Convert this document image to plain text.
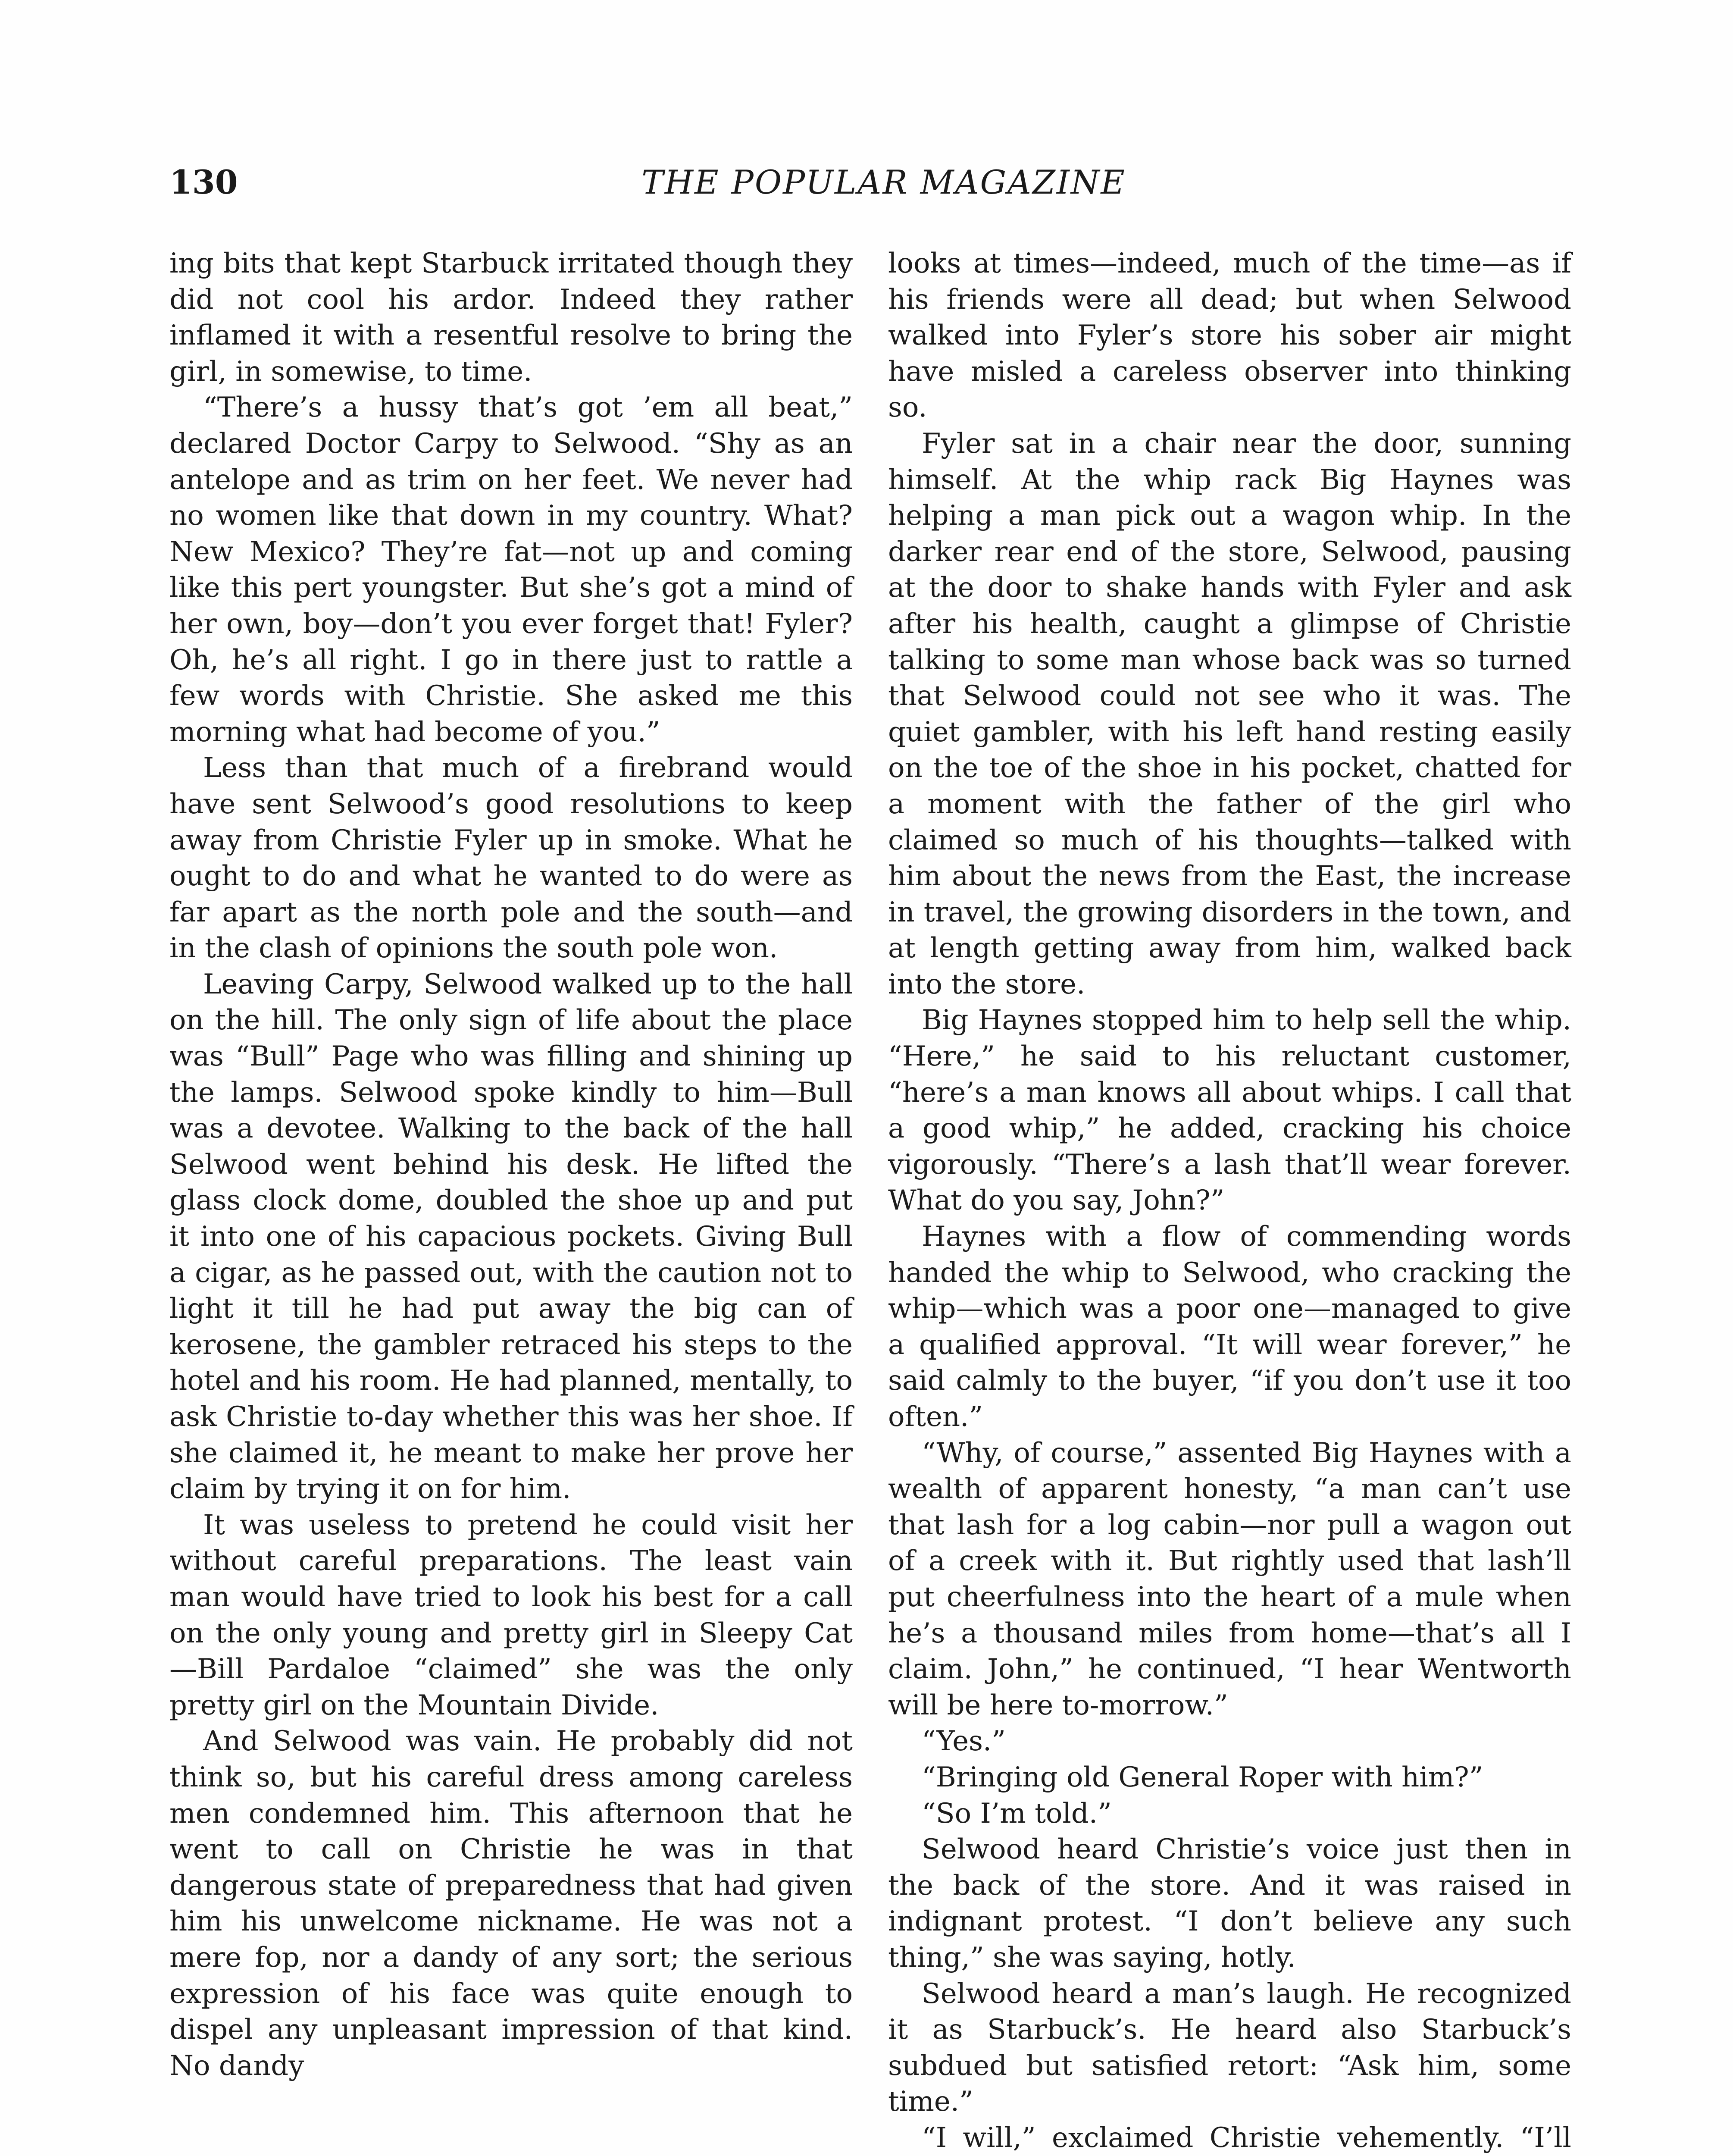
130	THE POPULAR MAGAZINE

ing bits that kept Starbuck irritated though they did not cool his ardor. Indeed they rather inflamed it with a resentful resolve to bring the girl, in somewise, to time.

“There’s a hussy that’s got ’em all beat,” declared Doctor Carpy to Selwood. “Shy as an antelope and as trim on her feet. We never had no women like that down in my country. What? New Mexico? They’re fat—not up and coming like this pert youngster. But she’s got a mind of her own, boy—don’t you ever forget that! Fyler? Oh, he’s all right. I go in there just to rattle a few words with Christie. She asked me this morning what had become of you.”

Less than that much of a firebrand would have sent Selwood’s good resolutions to keep away from Christie Fyler up in smoke. What he ought to do and what he wanted to do were as far apart as the north pole and the south—and in the clash of opinions the south pole won.

Leaving Carpy, Selwood walked up to the hall on the hill. The only sign of life about the place was “Bull” Page who was filling and shining up the lamps. Selwood spoke kindly to him—Bull was a devotee. Walking to the back of the hall Selwood went behind his desk. He lifted the glass clock dome, doubled the shoe up and put it into one of his capacious pockets. Giving Bull a cigar, as he passed out, with the caution not to light it till he had put away the big can of kerosene, the gambler retraced his steps to the hotel and his room. He had planned, mentally, to ask Christie to-day whether this was her shoe. If she claimed it, he meant to make her prove her claim by trying it on for him.

It was useless to pretend he could visit her without careful preparations. The least vain man would have tried to look his best for a call on the only young and pretty girl in Sleepy Cat—Bill Pardaloe “claimed” she was the only pretty girl on the Mountain Divide.

And Selwood was vain. He probably did not think so, but his careful dress among careless men condemned him. This afternoon that he went to call on Christie he was in that dangerous state of preparedness that had given him his unwelcome nickname. He was not a mere fop, nor a dandy of any sort; the serious expression of his face was quite enough to dispel any unpleasant impression of that kind. No dandy

looks at times—indeed, much of the time—as if his friends were all dead; but when Selwood walked into Fyler’s store his sober air might have misled a careless observer into thinking so.

Fyler sat in a chair near the door, sunning himself. At the whip rack Big Haynes was helping a man pick out a wagon whip. In the darker rear end of the store, Selwood, pausing at the door to shake hands with Fyler and ask after his health, caught a glimpse of Christie talking to some man whose back was so turned that Selwood could not see who it was. The quiet gambler, with his left hand resting easily on the toe of the shoe in his pocket, chatted for a moment with the father of the girl who claimed so much of his thoughts—talked with him about the news from the East, the increase in travel, the growing disorders in the town, and at length getting away from him, walked back into the store.

Big Haynes stopped him to help sell the whip. “Here,” he said to his reluctant customer, “here’s a man knows all about whips. I call that a good whip,” he added, cracking his choice vigorously. “There’s a lash that’ll wear forever. What do you say, John?”

Haynes with a flow of commending words handed the whip to Selwood, who cracking the whip—which was a poor one—managed to give a qualified approval. “It will wear forever,” he said calmly to the buyer, “if you don’t use it too often.”

“Why, of course,” assented Big Haynes with a wealth of apparent honesty, “a man can’t use that lash for a log cabin—nor pull a wagon out of a creek with it. But rightly used that lash’ll put cheerfulness into the heart of a mule when he’s a thousand miles from home—that’s all I claim. John,” he continued, “I hear Wentworth will be here to-morrow.”

“Yes.”

“Bringing old General Roper with him?”

“So I’m told.”

Selwood heard Christie’s voice just then in the back of the store. And it was raised in indignant protest. “I don’t believe any such thing,” she was saying, hotly.

Selwood heard a man’s laugh. He recognized it as Starbuck’s. He heard also Starbuck’s subdued but satisfied retort: “Ask him, some time.”

“I will,” exclaimed Christie vehemently. “I’ll
